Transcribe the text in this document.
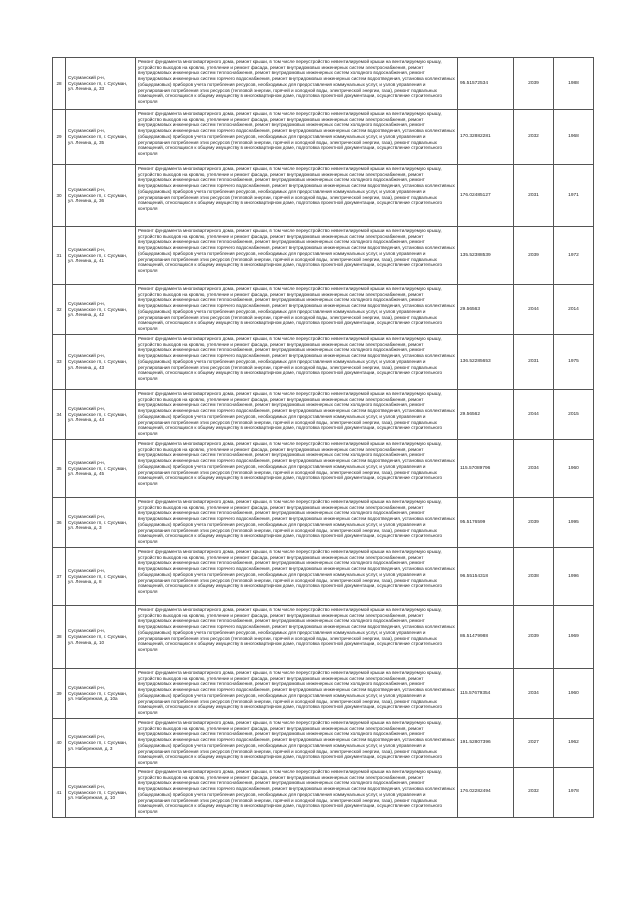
28	Сусуманский р-н, Сусуманское гп, г. Сусуман, ул. Ленина, д. 33	Ремонт фундамента многоквартирного дома, ремонт крыши, в том числе переустройство невентилируемой крыши на вентилируемую крышу, устройство выходов на кровлю, утепление и ремонт фасада, ремонт внутридомовых инженерных систем электроснабжения, ремонт внутридомовых инженерных систем теплоснабжения, ремонт внутридомовых инженерных систем холодного водоснабжения, ремонт внутридомовых инженерных систем горячего водоснабжения, ремонт внутридомовых инженерных систем водоотведения, установка коллективных (общедомовых) приборов учета потребления ресурсов, необходимых для предоставления коммунальных услуг, и узлов управления и регулирования потребления этих ресурсов (тепловой энергии, горячей и холодной воды, электрической энергии, газа), ремонт подвальных помещений, относящихся к общему имуществу в многоквартирном доме, подготовка проектной документации, осуществление строительного контроля	95.51572534	2039	1988
29	Сусуманский р-н, Сусуманское гп, г. Сусуман, ул. Ленина, д. 35	Ремонт фундамента многоквартирного дома, ремонт крыши, в том числе переустройство невентилируемой крыши на вентилируемую крышу, устройство выходов на кровлю, утепление и ремонт фасада, ремонт внутридомовых инженерных систем электроснабжения, ремонт внутридомовых инженерных систем теплоснабжения, ремонт внутридомовых инженерных систем холодного водоснабжения, ремонт внутридомовых инженерных систем горячего водоснабжения, ремонт внутридомовых инженерных систем водоотведения, установка коллективных (общедомовых) приборов учета потребления ресурсов, необходимых для предоставления коммунальных услуг, и узлов управления и регулирования потребления этих ресурсов (тепловой энергии, горячей и холодной воды, электрической энергии, газа), ремонт подвальных помещений, относящихся к общему имуществу в многоквартирном доме, подготовка проектной документации, осуществление строительного контроля	170.32882281	2032	1968
30	Сусуманский р-н, Сусуманское гп, г. Сусуман, ул. Ленина, д. 36	Ремонт фундамента многоквартирного дома, ремонт крыши, в том числе переустройство невентилируемой крыши на вентилируемую крышу, устройство выходов на кровлю, утепление и ремонт фасада, ремонт внутридомовых инженерных систем электроснабжения, ремонт внутридомовых инженерных систем теплоснабжения, ремонт внутридомовых инженерных систем холодного водоснабжения, ремонт внутридомовых инженерных систем горячего водоснабжения, ремонт внутридомовых инженерных систем водоотведения, установка коллективных (общедомовых) приборов учета потребления ресурсов, необходимых для предоставления коммунальных услуг, и узлов управления и регулирования потребления этих ресурсов (тепловой энергии, горячей и холодной воды, электрической энергии, газа), ремонт подвальных помещений, относящихся к общему имуществу в многоквартирном доме, подготовка проектной документации, осуществление строительного контроля	176.02485127	2031	1971
31	Сусуманский р-н, Сусуманское гп, г. Сусуман, ул. Ленина, д. 41	Ремонт фундамента многоквартирного дома, ремонт крыши, в том числе переустройство невентилируемой крыши на вентилируемую крышу, устройство выходов на кровлю, утепление и ремонт фасада, ремонт внутридомовых инженерных систем электроснабжения, ремонт внутридомовых инженерных систем теплоснабжения, ремонт внутридомовых инженерных систем холодного водоснабжения, ремонт внутридомовых инженерных систем горячего водоснабжения, ремонт внутридомовых инженерных систем водоотведения, установка коллективных (общедомовых) приборов учета потребления ресурсов, необходимых для предоставления коммунальных услуг, и узлов управления и регулирования потребления этих ресурсов (тепловой энергии, горячей и холодной воды, электрической энергии, газа), ремонт подвальных помещений, относящихся к общему имуществу в многоквартирном доме, подготовка проектной документации, осуществление строительного контроля	135.52388539	2039	1972
32	Сусуманский р-н, Сусуманское гп, г. Сусуман, ул. Ленина, д. 42	Ремонт фундамента многоквартирного дома, ремонт крыши, в том числе переустройство невентилируемой крыши на вентилируемую крышу, устройство выходов на кровлю, утепление и ремонт фасада, ремонт внутридомовых инженерных систем электроснабжения, ремонт внутридомовых инженерных систем теплоснабжения, ремонт внутридомовых инженерных систем холодного водоснабжения, ремонт внутридомовых инженерных систем горячего водоснабжения, ремонт внутридомовых инженерных систем водоотведения, установка коллективных (общедомовых) приборов учета потребления ресурсов, необходимых для предоставления коммунальных услуг, и узлов управления и регулирования потребления этих ресурсов (тепловой энергии, горячей и холодной воды, электрической энергии, газа), ремонт подвальных помещений, относящихся к общему имуществу в многоквартирном доме, подготовка проектной документации, осуществление строительного контроля	29.56563	2044	2014
33	Сусуманский р-н, Сусуманское гп, г. Сусуман, ул. Ленина, д. 43	Ремонт фундамента многоквартирного дома, ремонт крыши, в том числе переустройство невентилируемой крыши на вентилируемую крышу, устройство выходов на кровлю, утепление и ремонт фасада, ремонт внутридомовых инженерных систем электроснабжения, ремонт внутридомовых инженерных систем теплоснабжения, ремонт внутридомовых инженерных систем холодного водоснабжения, ремонт внутридомовых инженерных систем горячего водоснабжения, ремонт внутридомовых инженерных систем водоотведения, установка коллективных (общедомовых) приборов учета потребления ресурсов, необходимых для предоставления коммунальных услуг, и узлов управления и регулирования потребления этих ресурсов (тепловой энергии, горячей и холодной воды, электрической энергии, газа), ремонт подвальных помещений, относящихся к общему имуществу в многоквартирном доме, подготовка проектной документации, осуществление строительного контроля	136.52285653	2031	1975
34	Сусуманский р-н, Сусуманское гп, г. Сусуман, ул. Ленина, д. 44	Ремонт фундамента многоквартирного дома, ремонт крыши, в том числе переустройство невентилируемой крыши на вентилируемую крышу, устройство выходов на кровлю, утепление и ремонт фасада, ремонт внутридомовых инженерных систем электроснабжения, ремонт внутридомовых инженерных систем теплоснабжения, ремонт внутридомовых инженерных систем холодного водоснабжения, ремонт внутридомовых инженерных систем горячего водоснабжения, ремонт внутридомовых инженерных систем водоотведения, установка коллективных (общедомовых) приборов учета потребления ресурсов, необходимых для предоставления коммунальных услуг, и узлов управления и регулирования потребления этих ресурсов (тепловой энергии, горячей и холодной воды, электрической энергии, газа), ремонт подвальных помещений, относящихся к общему имуществу в многоквартирном доме, подготовка проектной документации, осуществление строительного контроля	29.56562	2044	2015
35	Сусуманский р-н, Сусуманское гп, г. Сусуман, ул. Ленина, д. 45	Ремонт фундамента многоквартирного дома, ремонт крыши, в том числе переустройство невентилируемой крыши на вентилируемую крышу, устройство выходов на кровлю, утепление и ремонт фасада, ремонт внутридомовых инженерных систем электроснабжения, ремонт внутридомовых инженерных систем теплоснабжения, ремонт внутридомовых инженерных систем холодного водоснабжения, ремонт внутридомовых инженерных систем горячего водоснабжения, ремонт внутридомовых инженерных систем водоотведения, установка коллективных (общедомовых) приборов учета потребления ресурсов, необходимых для предоставления коммунальных услуг, и узлов управления и регулирования потребления этих ресурсов (тепловой энергии, горячей и холодной воды, электрической энергии, газа), ремонт подвальных помещений, относящихся к общему имуществу в многоквартирном доме, подготовка проектной документации, осуществление строительного контроля	115.57089796	2034	1960
36	Сусуманский р-н, Сусуманское гп, г. Сусуман, ул. Ленина, д. 3	Ремонт фундамента многоквартирного дома, ремонт крыши, в том числе переустройство невентилируемой крыши на вентилируемую крышу, устройство выходов на кровлю, утепление и ремонт фасада, ремонт внутридомовых инженерных систем электроснабжения, ремонт внутридомовых инженерных систем теплоснабжения, ремонт внутридомовых инженерных систем холодного водоснабжения, ремонт внутридомовых инженерных систем горячего водоснабжения, ремонт внутридомовых инженерных систем водоотведения, установка коллективных (общедомовых) приборов учета потребления ресурсов, необходимых для предоставления коммунальных услуг, и узлов управления и регулирования потребления этих ресурсов (тепловой энергии, горячей и холодной воды, электрической энергии, газа), ремонт подвальных помещений, относящихся к общему имуществу в многоквартирном доме, подготовка проектной документации, осуществление строительного контроля	95.5176599	2039	1995
37	Сусуманский р-н, Сусуманское гп, г. Сусуман, ул. Ленина, д. 8	Ремонт фундамента многоквартирного дома, ремонт крыши, в том числе переустройство невентилируемой крыши на вентилируемую крышу, устройство выходов на кровлю, утепление и ремонт фасада, ремонт внутридомовых инженерных систем электроснабжения, ремонт внутридомовых инженерных систем теплоснабжения, ремонт внутридомовых инженерных систем холодного водоснабжения, ремонт внутридомовых инженерных систем горячего водоснабжения, ремонт внутридомовых инженерных систем водоотведения, установка коллективных (общедомовых) приборов учета потребления ресурсов, необходимых для предоставления коммунальных услуг, и узлов управления и регулирования потребления этих ресурсов (тепловой энергии, горячей и холодной воды, электрической энергии, газа), ремонт подвальных помещений, относящихся к общему имуществу в многоквартирном доме, подготовка проектной документации, осуществление строительного контроля	96.55154318	2038	1996
38	Сусуманский р-н, Сусуманское гп, г. Сусуман, ул. Ленина, д. 10	Ремонт фундамента многоквартирного дома, ремонт крыши, в том числе переустройство невентилируемой крыши на вентилируемую крышу, устройство выходов на кровлю, утепление и ремонт фасада, ремонт внутридомовых инженерных систем электроснабжения, ремонт внутридомовых инженерных систем теплоснабжения, ремонт внутридомовых инженерных систем холодного водоснабжения, ремонт внутридомовых инженерных систем горячего водоснабжения, ремонт внутридомовых инженерных систем водоотведения, установка коллективных (общедомовых) приборов учета потребления ресурсов, необходимых для предоставления коммунальных услуг, и узлов управления и регулирования потребления этих ресурсов (тепловой энергии, горячей и холодной воды, электрической энергии, газа), ремонт подвальных помещений, относящихся к общему имуществу в многоквартирном доме, подготовка проектной документации, осуществление строительного контроля	86.51479988	2039	1969
39	Сусуманский р-н, Сусуманское гп, г. Сусуман, ул. Набережная, д. 10а	Ремонт фундамента многоквартирного дома, ремонт крыши, в том числе переустройство невентилируемой крыши на вентилируемую крышу, устройство выходов на кровлю, утепление и ремонт фасада, ремонт внутридомовых инженерных систем электроснабжения, ремонт внутридомовых инженерных систем теплоснабжения, ремонт внутридомовых инженерных систем холодного водоснабжения, ремонт внутридомовых инженерных систем горячего водоснабжения, ремонт внутридомовых инженерных систем водоотведения, установка коллективных (общедомовых) приборов учета потребления ресурсов, необходимых для предоставления коммунальных услуг, и узлов управления и регулирования потребления этих ресурсов (тепловой энергии, горячей и холодной воды, электрической энергии, газа), ремонт подвальных помещений, относящихся к общему имуществу в многоквартирном доме, подготовка проектной документации, осуществление строительного контроля	115.57679354	2034	1960
40	Сусуманский р-н, Сусуманское гп, г. Сусуман, ул. Набережная, д. 3	Ремонт фундамента многоквартирного дома, ремонт крыши, в том числе переустройство невентилируемой крыши на вентилируемую крышу, устройство выходов на кровлю, утепление и ремонт фасада, ремонт внутридомовых инженерных систем электроснабжения, ремонт внутридомовых инженерных систем теплоснабжения, ремонт внутридомовых инженерных систем холодного водоснабжения, ремонт внутридомовых инженерных систем горячего водоснабжения, ремонт внутридомовых инженерных систем водоотведения, установка коллективных (общедомовых) приборов учета потребления ресурсов, необходимых для предоставления коммунальных услуг, и узлов управления и регулирования потребления этих ресурсов (тепловой энергии, горячей и холодной воды, электрической энергии, газа), ремонт подвальных помещений, относящихся к общему имуществу в многоквартирном доме, подготовка проектной документации, осуществление строительного контроля	191.52807396	2027	1962
41	Сусуманский р-н, Сусуманское гп, г. Сусуман, ул. Набережная, д. 10	Ремонт фундамента многоквартирного дома, ремонт крыши, в том числе переустройство невентилируемой крыши на вентилируемую крышу, устройство выходов на кровлю, утепление и ремонт фасада, ремонт внутридомовых инженерных систем электроснабжения, ремонт внутридомовых инженерных систем теплоснабжения, ремонт внутридомовых инженерных систем холодного водоснабжения, ремонт внутридомовых инженерных систем горячего водоснабжения, ремонт внутридомовых инженерных систем водоотведения, установка коллективных (общедомовых) приборов учета потребления ресурсов, необходимых для предоставления коммунальных услуг, и узлов управления и регулирования потребления этих ресурсов (тепловой энергии, горячей и холодной воды, электрической энергии, газа), ремонт подвальных помещений, относящихся к общему имуществу в многоквартирном доме, подготовка проектной документации, осуществление строительного контроля	176.02282494	2032	1978
